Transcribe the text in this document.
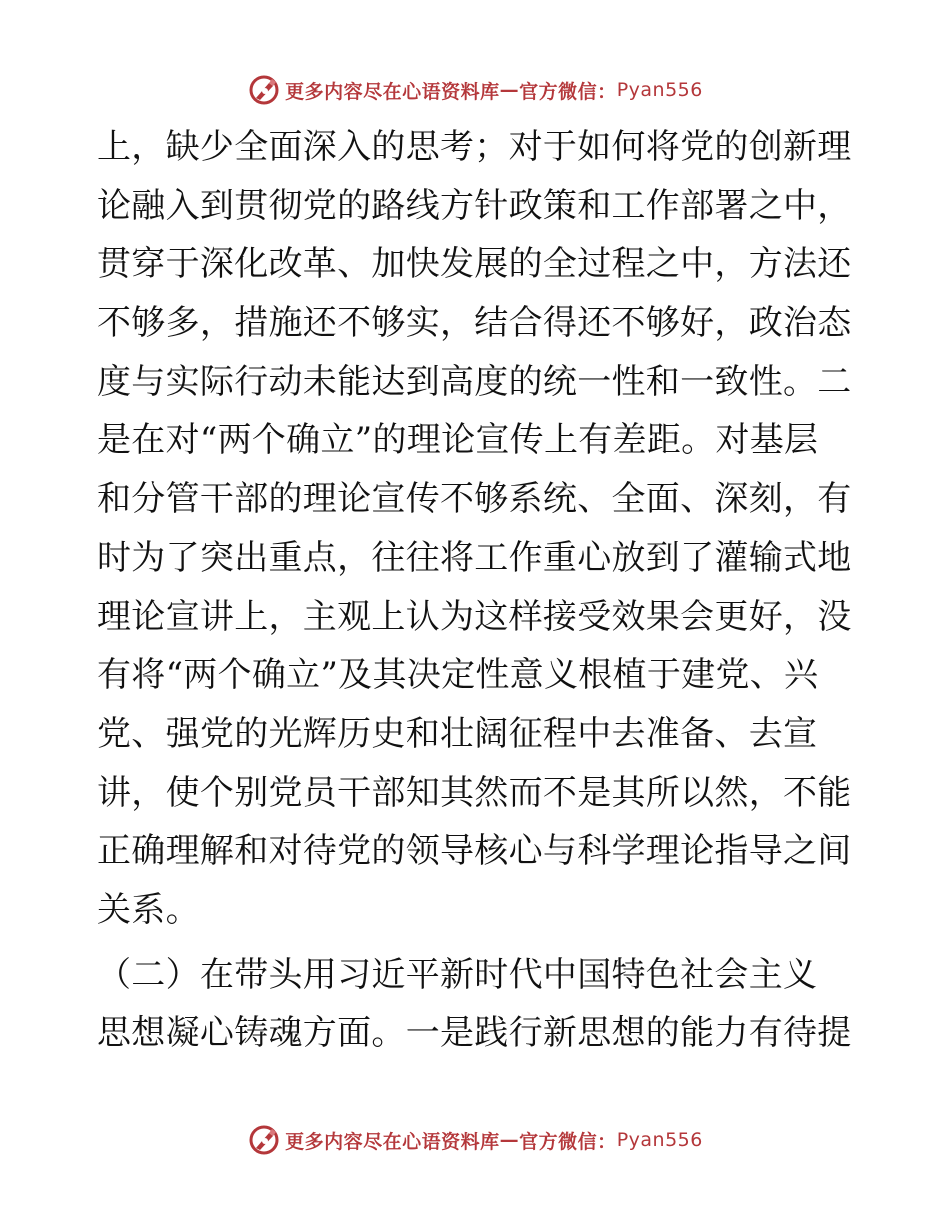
更多内容尽在心语资料库 — 官方微信： Pyan556
上，缺少全面深入的思考；对于如何将党的创新理
论融入到贯彻党的路线方针政策和工作部署之中，
贯穿于深化改革、加快发展的全过程之中，方法还
不够多，措施还不够实，结合得还不够好，政治态
度与实际行动未能达到高度的统一性和一致性。二
是在对“两个确立”的理论宣传上有差距。对基层
和分管干部的理论宣传不够系统、全面、深刻，有
时为了突出重点，往往将工作重心放到了灌输式地
理论宣讲上，主观上认为这样接受效果会更好，没
有将“两个确立”及其决定性意义根植于建党、兴
党、强党的光辉历史和壮阔征程中去准备、去宣
讲，使个别党员干部知其然而不是其所以然，不能
正确理解和对待党的领导核心与科学理论指导之间
关系。
（二）在带头用习近平新时代中国特色社会主义
思想凝心铸魂方面。一是践行新思想的能力有待提
更多内容尽在心语资料库 — 官方微信： Pyan556
